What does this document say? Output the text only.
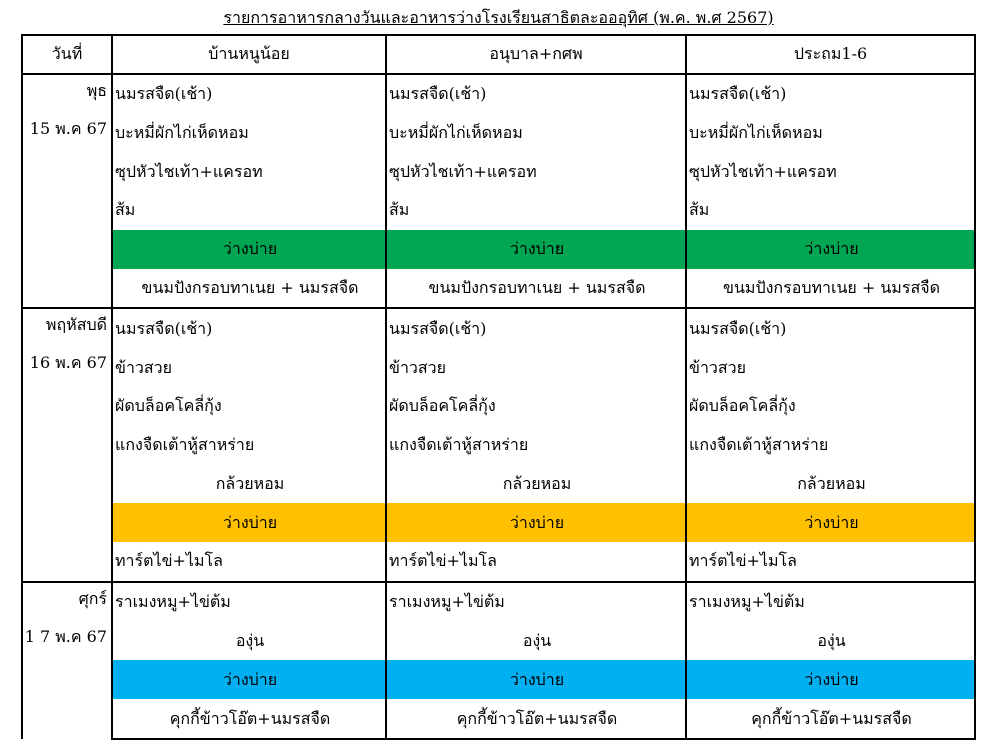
รายการอาหารกลางวันและอาหารว่างโรงเรียนสาธิตละอออุทิศ (พ.ค. พ.ศ 2567)
วันที่	บ้านหนูน้อย	อนุบาล+กศพ	ประถม1-6

พุธ
15 พ.ค 67	นมรสจืด(เช้า)	นมรสจืด(เช้า)	นมรสจืด(เช้า)
	บะหมี่ผักไก่เห็ดหอม	บะหมี่ผักไก่เห็ดหอม	บะหมี่ผักไก่เห็ดหอม
	ซุปหัวไชเท้า+แครอท	ซุปหัวไชเท้า+แครอท	ซุปหัวไชเท้า+แครอท
	ส้ม	ส้ม	ส้ม
	ว่างบ่าย	ว่างบ่าย	ว่างบ่าย
	ขนมปังกรอบทาเนย + นมรสจืด	ขนมปังกรอบทาเนย + นมรสจืด	ขนมปังกรอบทาเนย + นมรสจืด

พฤหัสบดี
16 พ.ค 67	นมรสจืด(เช้า)	นมรสจืด(เช้า)	นมรสจืด(เช้า)
	ข้าวสวย	ข้าวสวย	ข้าวสวย
	ผัดบล็อคโคลี่กุ้ง	ผัดบล็อคโคลี่กุ้ง	ผัดบล็อคโคลี่กุ้ง
	แกงจืดเต้าหู้สาหร่าย	แกงจืดเต้าหู้สาหร่าย	แกงจืดเต้าหู้สาหร่าย
	กล้วยหอม	กล้วยหอม	กล้วยหอม
	ว่างบ่าย	ว่างบ่าย	ว่างบ่าย
	ทาร์ตไข่+ไมโล	ทาร์ตไข่+ไมโล	ทาร์ตไข่+ไมโล

ศุกร์
1 7 พ.ค 67	ราเมงหมู+ไข่ต้ม	ราเมงหมู+ไข่ต้ม	ราเมงหมู+ไข่ต้ม
	องุ่น	องุ่น	องุ่น
	ว่างบ่าย	ว่างบ่าย	ว่างบ่าย
	คุกกี้ข้าวโอ๊ต+นมรสจืด	คุกกี้ข้าวโอ๊ต+นมรสจืด	คุกกี้ข้าวโอ๊ต+นมรสจืด
